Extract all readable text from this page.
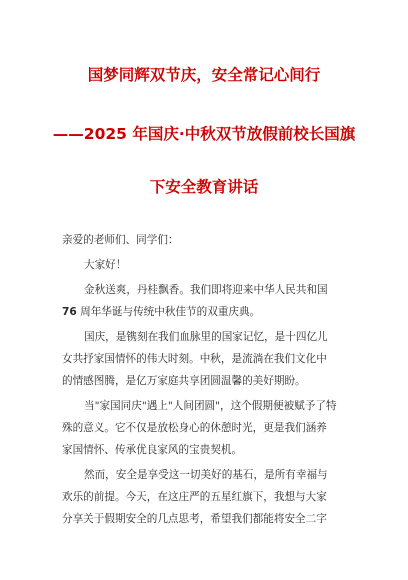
国梦同辉双节庆，安全常记心间行
——2025 年国庆·中秋双节放假前校长国旗
下安全教育讲话
亲爱的老师们、同学们：
大家好！
金秋送爽，丹桂飘香。我们即将迎来中华人民共和国
76 周年华诞与传统中秋佳节的双重庆典。
国庆，是镌刻在我们血脉里的国家记忆，是十四亿儿
女共抒家国情怀的伟大时刻。中秋，是流淌在我们文化中
的情感图腾，是亿万家庭共享团圆温馨的美好期盼。
当"家国同庆"遇上"人间团圆"，这个假期便被赋予了特
殊的意义。它不仅是放松身心的休憩时光，更是我们涵养
家国情怀、传承优良家风的宝贵契机。
然而，安全是享受这一切美好的基石，是所有幸福与
欢乐的前提。今天，在这庄严的五星红旗下，我想与大家
分享关于假期安全的几点思考，希望我们都能将安全二字
